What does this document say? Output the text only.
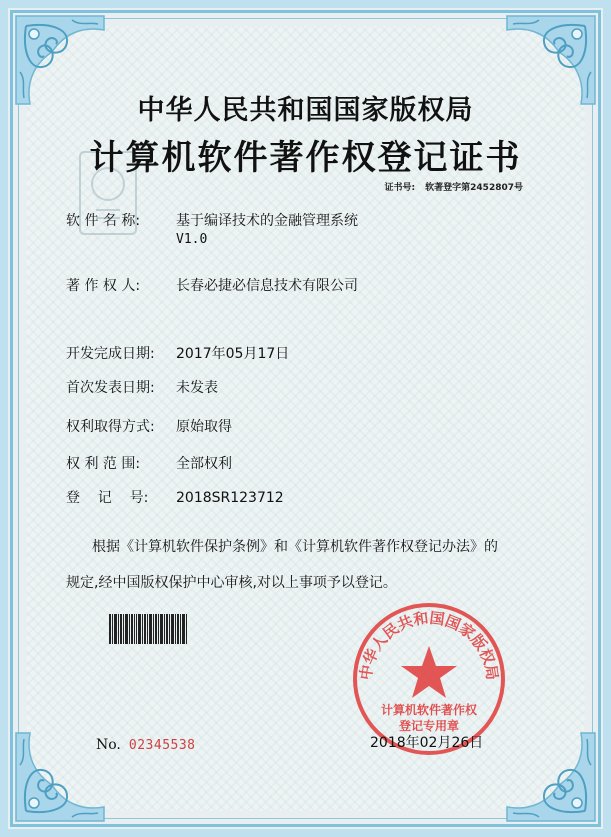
中华人民共和国国家版权局
计算机软件著作权登记证书
证书号: 软著登字第2452807号
软 件 名 称:	基于编译技术的金融管理系统
V1.0
著 作 权 人:	长春必捷必信息技术有限公司
开发完成日期: 2017年05月17日
首次发表日期: 未发表
权利取得方式: 原始取得
权 利 范 围:	全部权利
登    记    号: 2018SR123712
根据《计算机软件保护条例》和《计算机软件著作权登记办法》的
规定,经中国版权保护中心审核,对以上事项予以登记。
中华人民共和国国家版权局
计算机软件著作权
登记专用章
No. 02345538	2018年02月26日
